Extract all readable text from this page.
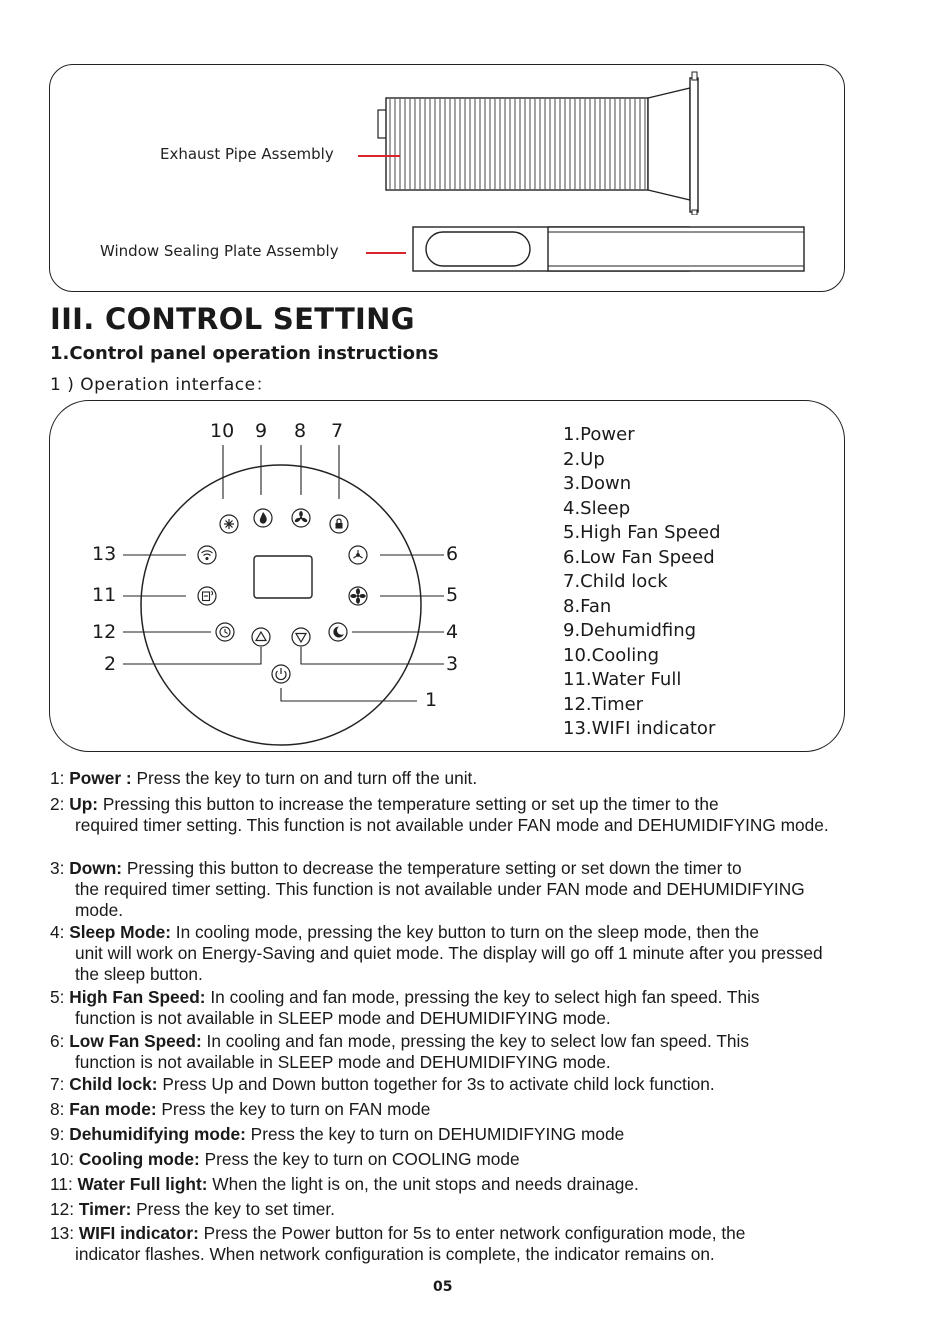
Exhaust Pipe Assembly
Window Sealing Plate Assembly
III. CONTROL SETTING
1.Control panel operation instructions
1 ) Operation interface：
10 9 8 7
13
11
12
2
6
5
4
3
1
1.Power
2.Up
3.Down
4.Sleep
5.High Fan Speed
6.Low Fan Speed
7.Child lock
8.Fan
9.Dehumidfing
10.Cooling
11.Water Full
12.Timer
13.WIFI indicator
1: Power : Press the key to turn on and turn off the unit.
2: Up: Pressing this button to increase the temperature setting or set up the timer to the
required timer setting. This function is not available under FAN mode and DEHUMIDIFYING mode.
3: Down: Pressing this button to decrease the temperature setting or set down the timer to
the required timer setting. This function is not available under FAN mode and DEHUMIDIFYING mode.
4: Sleep Mode: In cooling mode, pressing the key button to turn on the sleep mode, then the
unit will work on Energy-Saving and quiet mode. The display will go off 1 minute after you pressed the sleep button.
5: High Fan Speed: In cooling and fan mode, pressing the key to select high fan speed. This
function is not available in SLEEP mode and DEHUMIDIFYING mode.
6: Low Fan Speed: In cooling and fan mode, pressing the key to select low fan speed. This
function is not available in SLEEP mode and DEHUMIDIFYING mode.
7: Child lock: Press Up and Down button together for 3s to activate child lock function.
8: Fan mode: Press the key to turn on FAN mode
9: Dehumidifying mode: Press the key to turn on DEHUMIDIFYING mode
10: Cooling mode: Press the key to turn on COOLING mode
11: Water Full light: When the light is on, the unit stops and needs drainage.
12: Timer: Press the key to set timer.
13: WIFI indicator: Press the Power button for 5s to enter network configuration mode, the
indicator flashes. When network configuration is complete, the indicator remains on.
05
